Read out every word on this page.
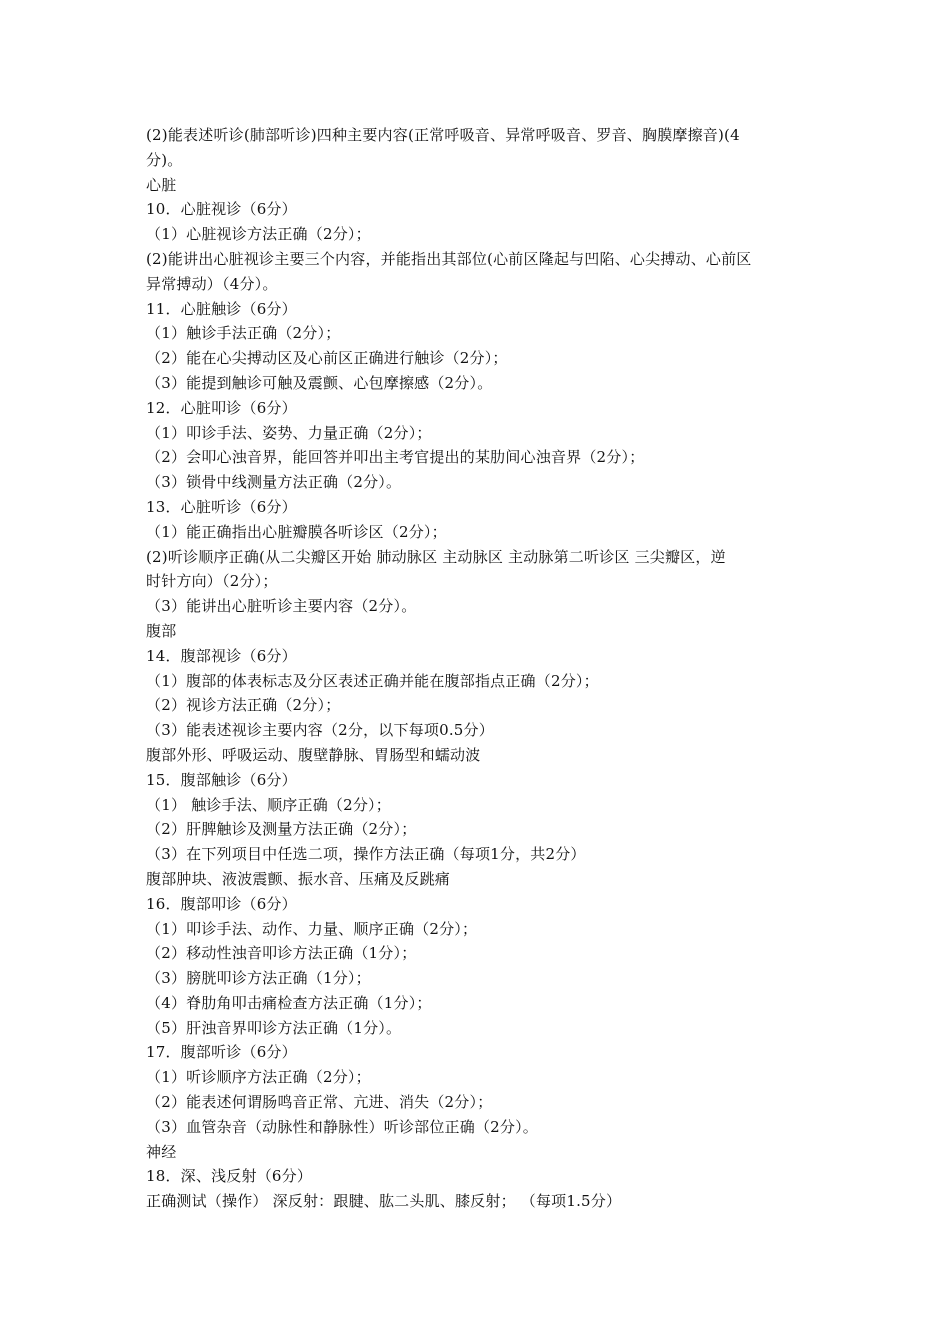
(2)能表述听诊(肺部听诊)四种主要内容(正常呼吸音、异常呼吸音、罗音、胸膜摩擦音)(4
分)。
心脏
10．心脏视诊（6分）
（1）心脏视诊方法正确（2分）；
(2)能讲出心脏视诊主要三个内容，并能指出其部位(心前区隆起与凹陷、心尖搏动、心前区
异常搏动）（4分）。
11．心脏触诊（6分）
（1）触诊手法正确（2分）；
（2）能在心尖搏动区及心前区正确进行触诊（2分）；
（3）能提到触诊可触及震颤、心包摩擦感（2分）。
12．心脏叩诊（6分）
（1）叩诊手法、姿势、力量正确（2分）；
（2）会叩心浊音界，能回答并叩出主考官提出的某肋间心浊音界（2分）；
（3）锁骨中线测量方法正确（2分）。
13．心脏听诊（6分）
（1）能正确指出心脏瓣膜各听诊区（2分）；
(2)听诊顺序正确(从二尖瓣区开始 肺动脉区 主动脉区 主动脉第二听诊区 三尖瓣区，逆
时针方向）（2分）；
（3）能讲出心脏听诊主要内容（2分）。
腹部
14．腹部视诊（6分）
（1）腹部的体表标志及分区表述正确并能在腹部指点正确（2分）；
（2）视诊方法正确（2分）；
（3）能表述视诊主要内容（2分，以下每项0.5分）
腹部外形、呼吸运动、腹壁静脉、胃肠型和蠕动波
15．腹部触诊（6分）
（1） 触诊手法、顺序正确（2分）；
（2）肝脾触诊及测量方法正确（2分）；
（3）在下列项目中任选二项，操作方法正确（每项1分，共2分）
腹部肿块、液波震颤、振水音、压痛及反跳痛
16．腹部叩诊（6分）
（1）叩诊手法、动作、力量、顺序正确（2分）；
（2）移动性浊音叩诊方法正确（1分）；
（3）膀胱叩诊方法正确（1分）；
（4）脊肋角叩击痛检查方法正确（1分）；
（5）肝浊音界叩诊方法正确（1分）。
17．腹部听诊（6分）
（1）听诊顺序方法正确（2分）；
（2）能表述何谓肠鸣音正常、亢进、消失（2分）；
（3）血管杂音（动脉性和静脉性）听诊部位正确（2分）。
神经
18．深、浅反射（6分）
正确测试（操作） 深反射：跟腱、肱二头肌、膝反射； （每项1.5分）
